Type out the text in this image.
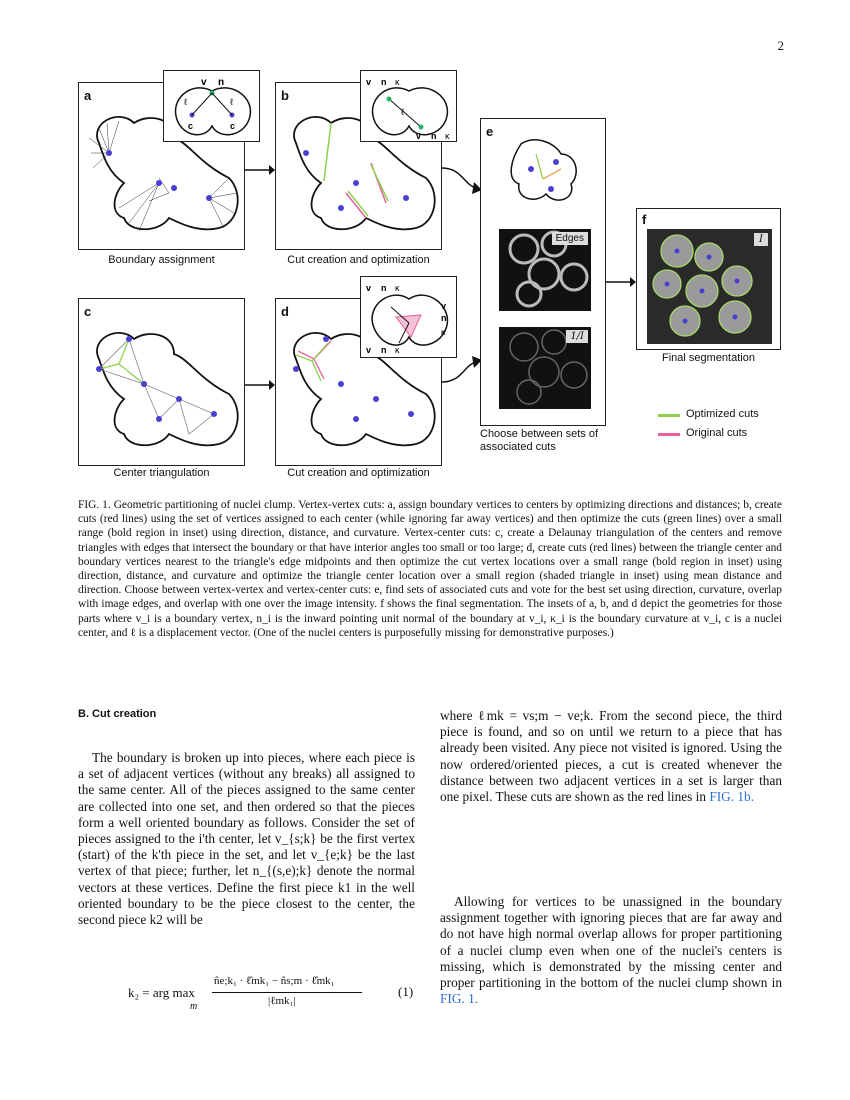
2
a
Boundary assignment
v n
ℓ	ℓ
c	c
b
Cut creation and optimization
v n κ
ℓ
v n κ
c
Center triangulation
d
Cut creation and optimization
v n κ
v
n
κ
v n κ
e
Edges
1/I
Choose between sets of associated cuts
f
I
Final segmentation
Optimized cuts
Original cuts
FIG. 1. Geometric partitioning of nuclei clump. Vertex-vertex cuts: a, assign boundary vertices to centers by optimizing directions and distances; b, create cuts (red lines) using the set of vertices assigned to each center (while ignoring far away vertices) and then optimize the cuts (green lines) over a small range (bold region in inset) using direction, distance, and curvature. Vertex-center cuts: c, create a Delaunay triangulation of the centers and remove triangles with edges that intersect the boundary or that have interior angles too small or too large; d, create cuts (red lines) between the triangle center and boundary vertices nearest to the triangle's edge midpoints and then optimize the cut vertex locations over a small range (bold region in inset) using direction, distance, and curvature and optimize the triangle center location over a small region (shaded triangle in inset) using mean distance and direction. Choose between vertex-vertex and vertex-center cuts: e, find sets of associated cuts and vote for the best set using direction, curvature, overlap with image edges, and overlap with one over the image intensity. f shows the final segmentation. The insets of a, b, and d depict the geometries for those parts where v_i is a boundary vertex, n_i is the inward pointing unit normal of the boundary at v_i, κ_i is the boundary curvature at v_i, c is a nuclei center, and ℓ is a displacement vector. (One of the nuclei centers is purposefully missing for demonstrative purposes.)
B. Cut creation
The boundary is broken up into pieces, where each piece is a set of adjacent vertices (without any breaks) all assigned to the same center. All of the pieces assigned to the same center are collected into one set, and then ordered so that the pieces form a well oriented boundary as follows. Consider the set of pieces assigned to the i'th center, let v_{s;k} be the first vertex (start) of the k'th piece in the set, and let v_{e;k} be the last vertex of that piece; further, let n_{(s,e);k} denote the normal vectors at these vertices. Define the first piece k1 in the well oriented boundary to be the piece closest to the center, the second piece k2 will be
k₂ = arg max
m
n̂e;k₁ · ℓ̂mk₁ − n̂s;m · ℓ̂mk₁
|ℓmk₁|
(1)
where ℓmk = vs;m − ve;k. From the second piece, the third piece is found, and so on until we return to a piece that has already been visited. Any piece not visited is ignored. Using the now ordered/oriented pieces, a cut is created whenever the distance between two adjacent vertices in a set is larger than one pixel. These cuts are shown as the red lines in FIG. 1b.
Allowing for vertices to be unassigned in the boundary assignment together with ignoring pieces that are far away and do not have high normal overlap allows for proper partitioning of a nuclei clump even when one of the nuclei's centers is missing, which is demonstrated by the missing center and proper partitioning in the bottom of the nuclei clump shown in FIG. 1.
